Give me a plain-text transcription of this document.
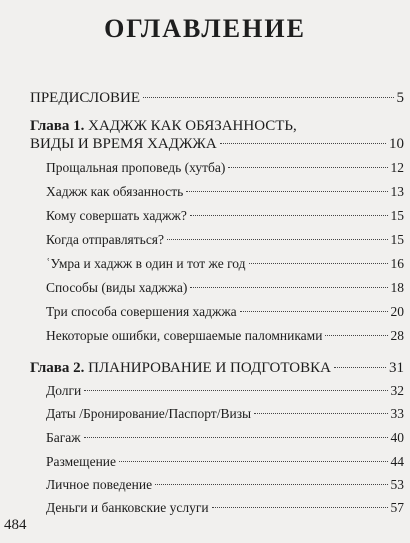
ОГЛАВЛЕНИЕ
ПРЕДИСЛОВИЕ	5
Глава 1. ХАДЖЖ КАК ОБЯЗАННОСТЬ,
ВИДЫ И ВРЕМЯ ХАДЖЖА	10
Прощальная проповедь (хутба)	12
Хаджж как обязанность	13
Кому совершать хаджж?	15
Когда отправляться?	15
ʿУмра и хаджж в один и тот же год	16
Способы (виды хаджжа)	18
Три способа совершения хаджжа	20
Некоторые ошибки, совершаемые паломниками	28
Глава 2. ПЛАНИРОВАНИЕ И ПОДГОТОВКА	31
Долги	32
Даты /Бронирование/Паспорт/Визы	33
Багаж	40
Размещение	44
Личное поведение	53
Деньги и банковские услуги	57
484
